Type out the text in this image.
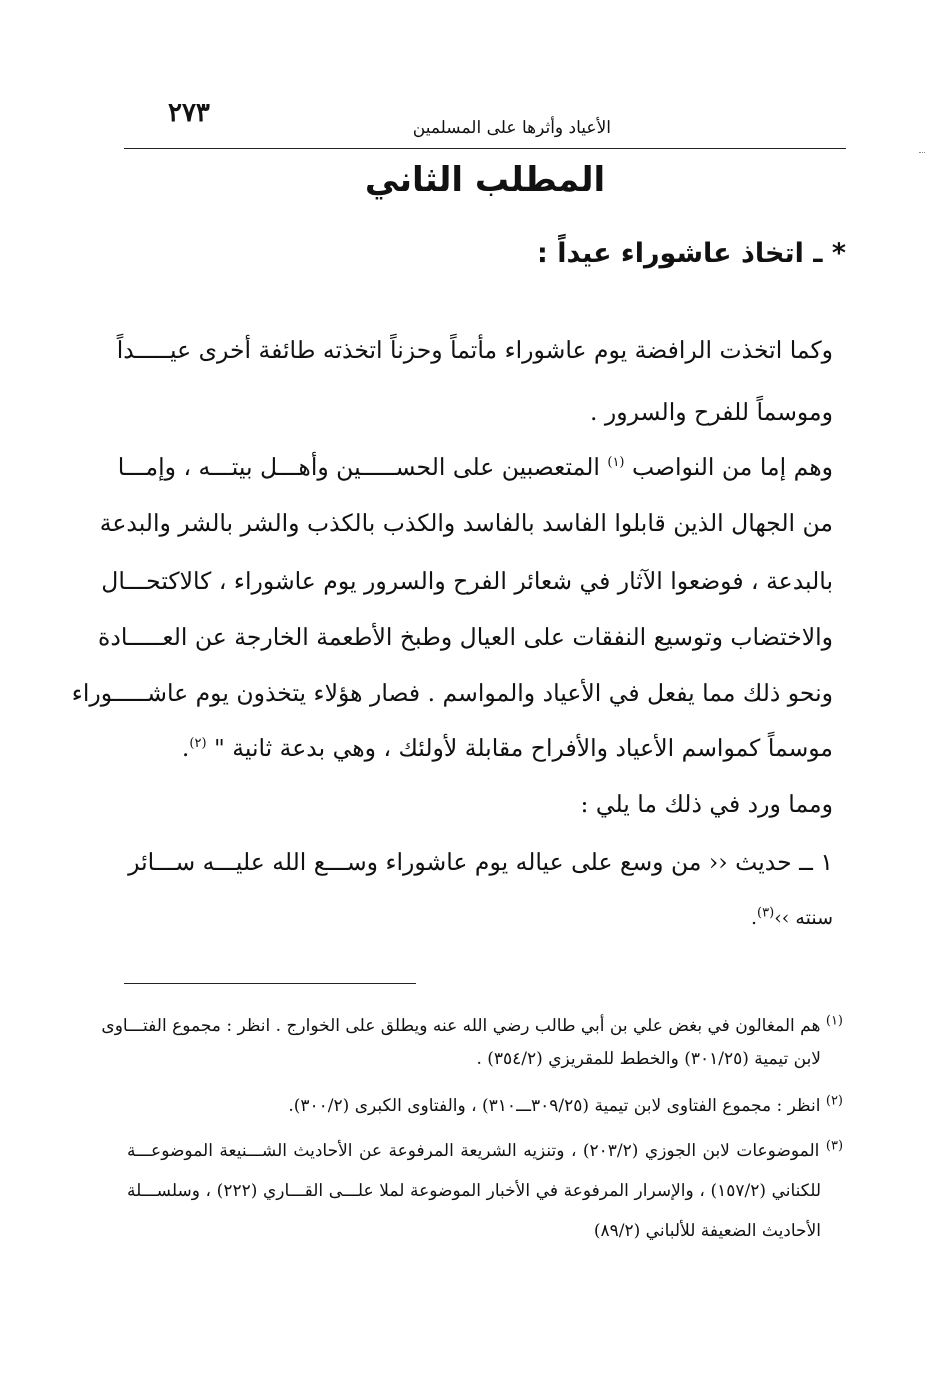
٢٧٣	الأعياد وأثرها على المسلمين
المطلب الثاني
* ـ اتخاذ عاشوراء عيداً :
وكما اتخذت الرافضة يوم عاشوراء مأتماً وحزناً اتخذته طائفة أخرى عيـــــداً
وموسماً للفرح والسرور .
وهم إما من النواصب $^{(١)}$ المتعصبين على الحســـــين وأهـــل بيتـــه ، وإمـــا
من الجهال الذين قابلوا الفاسد بالفاسد والكذب بالكذب والشر بالشر والبدعة
بالبدعة ، فوضعوا الآثار في شعائر الفرح والسرور يوم عاشوراء ، كالاكتحـــال
والاختضاب وتوسيع النفقات على العيال وطبخ الأطعمة الخارجة عن العـــــادة
ونحو ذلك مما يفعل في الأعياد والمواسم . فصار هؤلاء يتخذون يوم عاشـــــوراء
موسماً كمواسم الأعياد والأفراح مقابلة لأولئك ، وهي بدعة ثانية " $^{(٢)}$.
ومما ورد في ذلك ما يلي :
١ ــ حديث ‹‹ من وسع على عياله يوم عاشوراء وســـع الله عليـــه ســـائر
سنته ››$^{(٣)}$.
$^{(١)}$ هم المغالون في بغض علي بن أبي طالب رضي الله عنه ويطلق على الخوارج . انظر : مجموع الفتـــاوى
لابن تيمية (٣٠١/٢٥) والخطط للمقريزي (٣٥٤/٢) .
$^{(٢)}$ انظر : مجموع الفتاوى لابن تيمية (٣٠٩/٢٥ـــ٣١٠) ، والفتاوى الكبرى (٣٠٠/٢).
$^{(٣)}$ الموضوعات لابن الجوزي (٢٠٣/٢) ، وتنزيه الشريعة المرفوعة عن الأحاديث الشـــنيعة الموضوعـــة
للكناني (١٥٧/٢) ، والإسرار المرفوعة في الأخبار الموضوعة لملا علـــى القـــاري (٢٢٢) ، وسلســـلة
الأحاديث الضعيفة للألباني (٨٩/٢)
